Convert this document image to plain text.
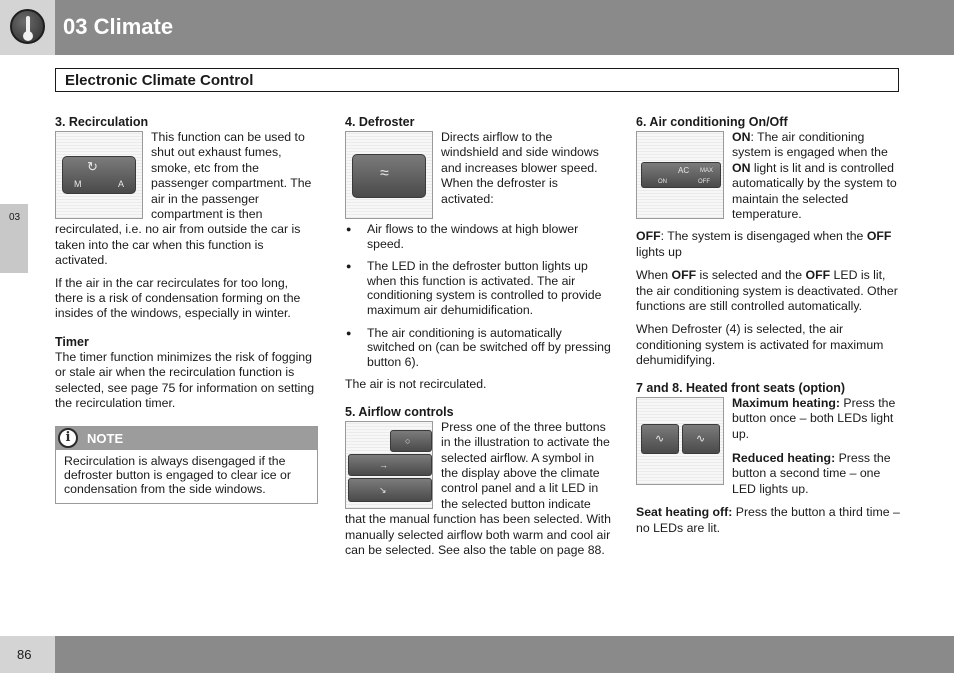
03 Climate
Electronic Climate Control
03
3. Recirculation
↻
M	A

This function can be used to shut out exhaust fumes, smoke, etc from the passenger compartment. The air in the passenger compartment is then recirculated, i.e. no air from outside the car is taken into the car when this function is activated.

If the air in the car recirculates for too long, there is a risk of condensation forming on the insides of the windows, especially in winter.

Timer

The timer function minimizes the risk of fogging or stale air when the recirculation function is selected, see page 75 for information on setting the recirculation timer.

i	NOTE
Recirculation is always disengaged if the defroster button is engaged to clear ice or condensation from the side windows.
4. Defroster
≈

Directs airflow to the windshield and side windows and increases blower speed. When the defroster is activated:

● Air flows to the windows at high blower speed.
● The LED in the defroster button lights up when this function is activated. The air conditioning system is controlled to provide maximum air dehumidification.
● The air conditioning is automatically switched on (can be switched off by pressing button 6).

The air is not recirculated.

5. Airflow controls
○
→
↘

Press one of the three buttons in the illustration to activate the selected airflow. A symbol in the display above the climate control panel and a lit LED in the selected button indicate that the manual function has been selected. With manually selected airflow both warm and cool air can be selected. See also the table on page 88.

6. Air conditioning On/Off
AC MAX
ON	OFF

ON: The air conditioning system is engaged when the ON light is lit and is controlled automatically by the system to maintain the selected temperature.

OFF: The system is disengaged when the OFF lights up

When OFF is selected and the OFF LED is lit, the air conditioning system is deactivated. Other functions are still controlled automatically.

When Defroster (4) is selected, the air conditioning system is activated for maximum dehumidifying.

7 and 8. Heated front seats (option)
∿	∿

Maximum heating: Press the button once – both LEDs light up.

Reduced heating: Press the button a second time – one LED lights up.

Seat heating off: Press the button a third time – no LEDs are lit.

86
